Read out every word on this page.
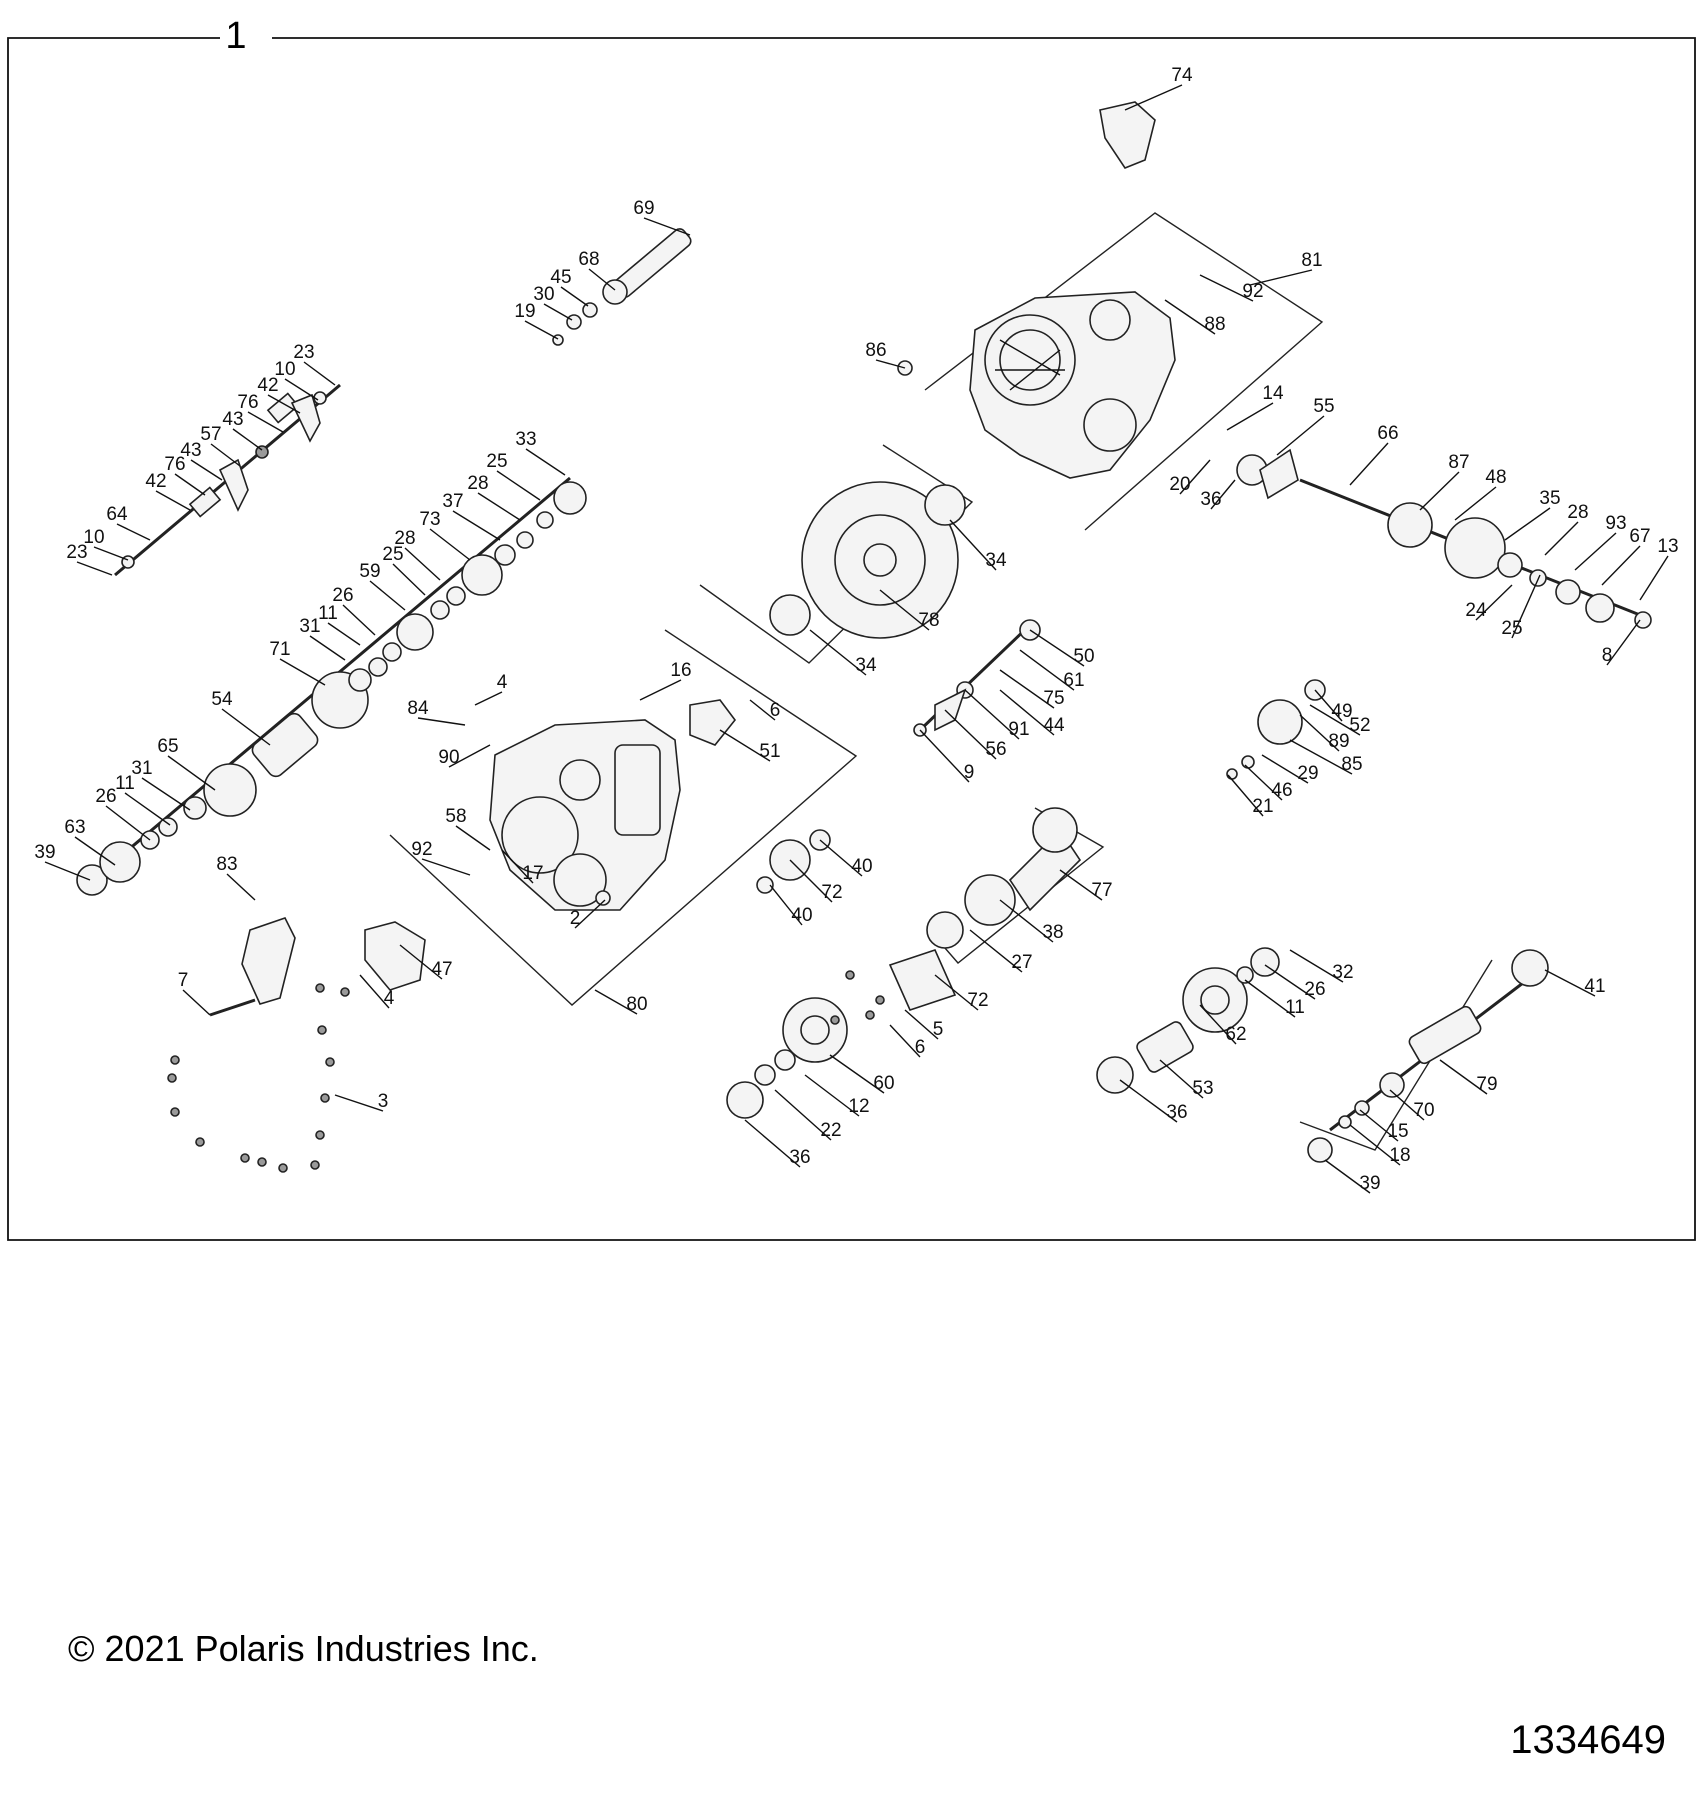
1
74
69
68
45
30
19
81
92
88
86
23
10
42
76
57
43
43
76
42
64
10
23
14
55
66
20
36
87
48
35
28
93
67 13
24
25
8
33
25
28
37
73
28
25
59
26
11
31
71
34
78
34
16
4
6
84
51
90
54
65
31
26
11
63
39
50
61
75
44
91
56
9
49
52
89
85
29
46
21
58
92
17
2
40
72
40
77
38
27
83
47
4
7
80	72
32
26
11
62
41
5
6
60
12
22
36
53
36
79
70
15
18
39
3
© 2021 Polaris Industries Inc.
1334649
